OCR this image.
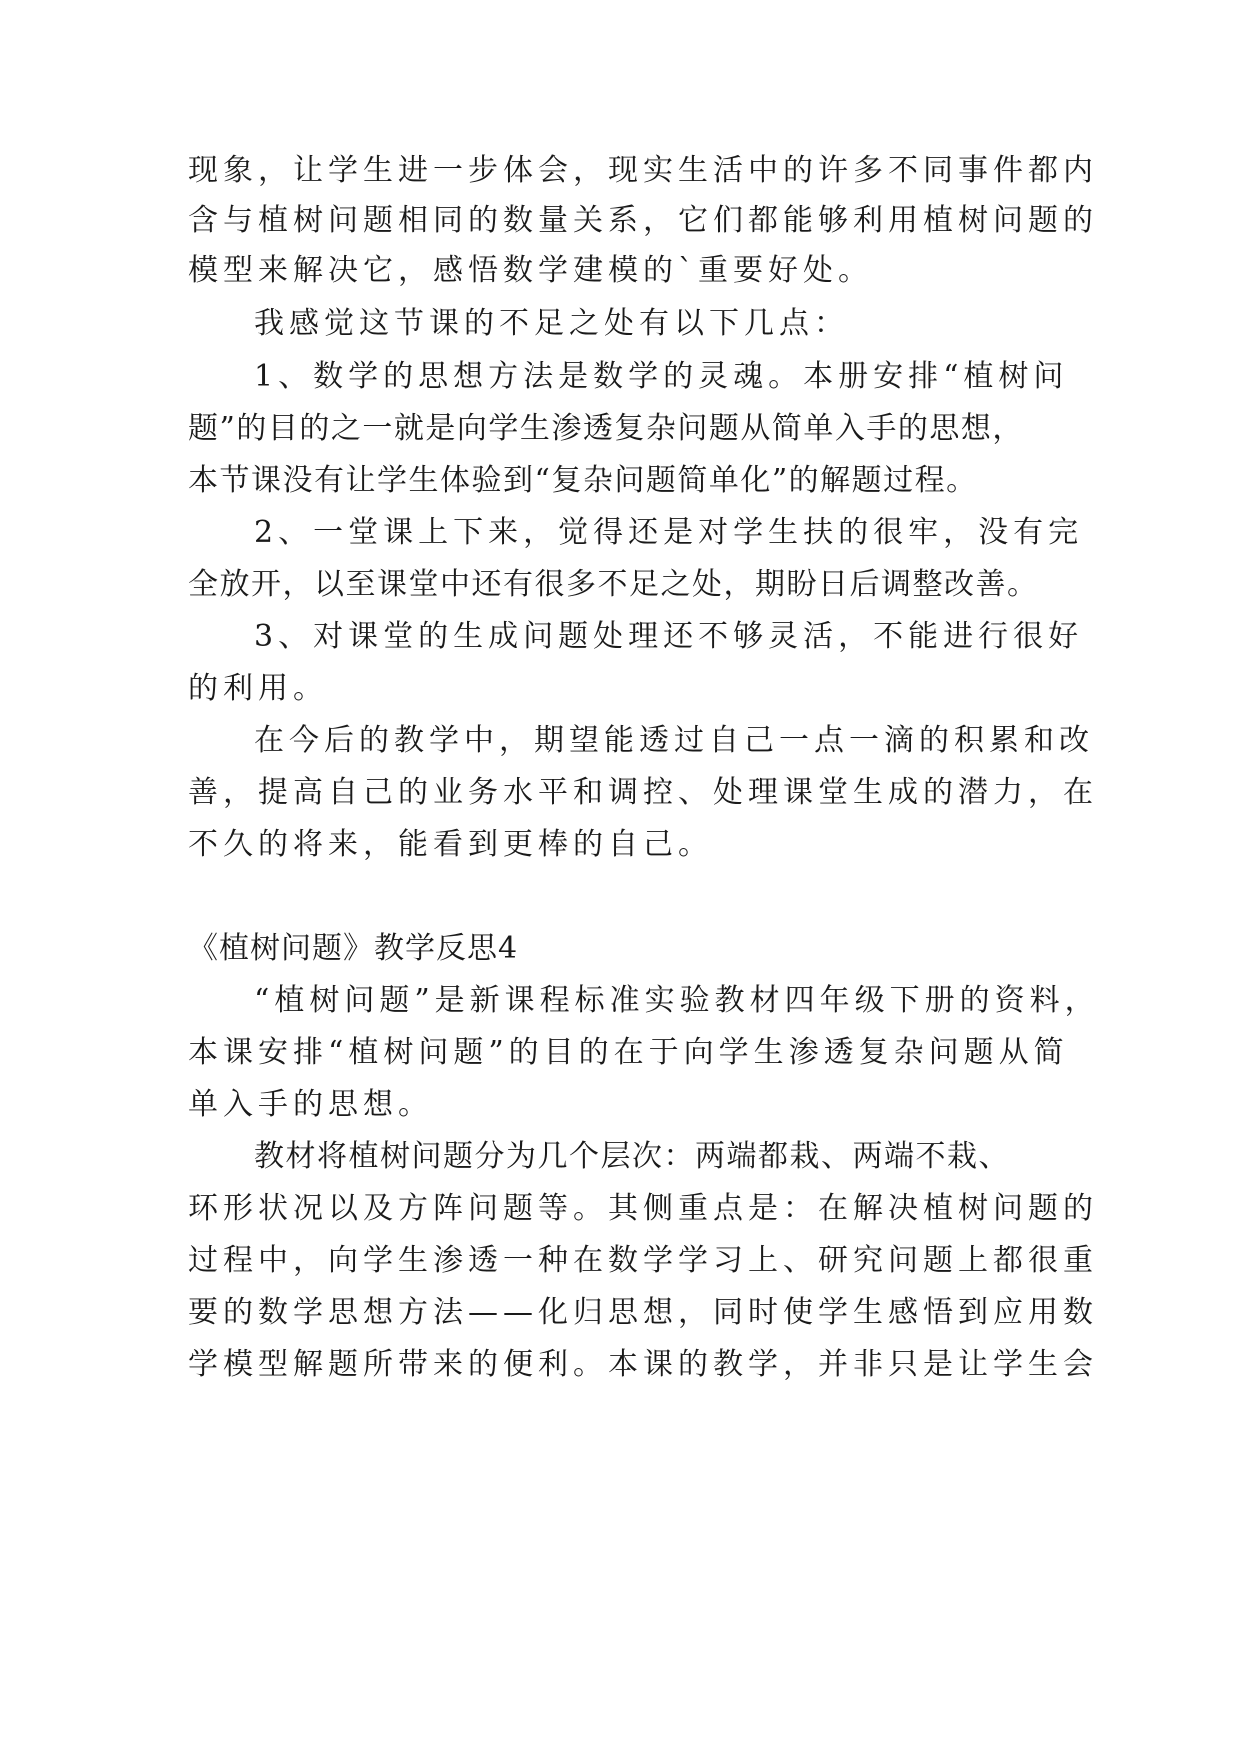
现象，让学生进一步体会，现实生活中的许多不同事件都内
含与植树问题相同的数量关系，它们都能够利用植树问题的
模型来解决它，感悟数学建模的`重要好处。
我感觉这节课的不足之处有以下几点：
1、数学的思想方法是数学的灵魂。本册安排“植树问
题”的目的之一就是向学生渗透复杂问题从简单入手的思想，
本节课没有让学生体验到“复杂问题简单化”的解题过程。
2、一堂课上下来，觉得还是对学生扶的很牢，没有完
全放开，以至课堂中还有很多不足之处，期盼日后调整改善。
3、对课堂的生成问题处理还不够灵活，不能进行很好
的利用。
在今后的教学中，期望能透过自己一点一滴的积累和改
善，提高自己的业务水平和调控、处理课堂生成的潜力，在
不久的将来，能看到更棒的自己。
《植树问题》教学反思4
“植树问题”是新课程标准实验教材四年级下册的资料，
本课安排“植树问题”的目的在于向学生渗透复杂问题从简
单入手的思想。
教材将植树问题分为几个层次：两端都栽、两端不栽、
环形状况以及方阵问题等。其侧重点是：在解决植树问题的
过程中，向学生渗透一种在数学学习上、研究问题上都很重
要的数学思想方法——化归思想，同时使学生感悟到应用数
学模型解题所带来的便利。本课的教学，并非只是让学生会
